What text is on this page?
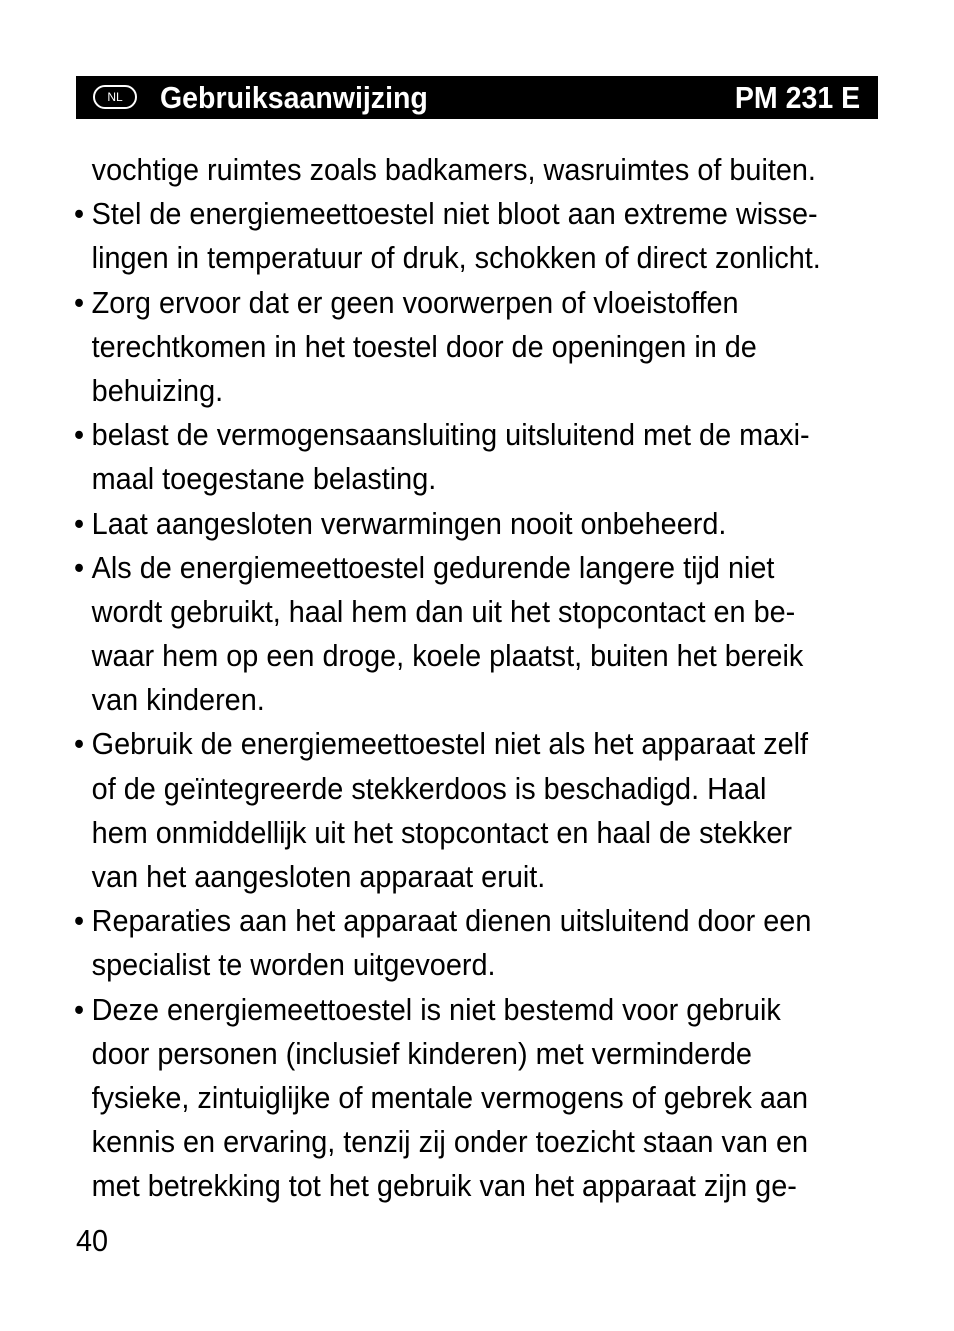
NL	Gebruiksaanwijzing	PM 231 E
vochtige ruimtes zoals badkamers, wasruimtes of buiten.
• Stel de energiemeettoestel niet bloot aan extreme wisse-
lingen in temperatuur of druk, schokken of direct zonlicht.
• Zorg ervoor dat er geen voorwerpen of vloeistoffen
terechtkomen in het toestel door de openingen in de
behuizing.
• belast de vermogensaansluiting uitsluitend met de maxi-
maal toegestane belasting.
• Laat aangesloten verwarmingen nooit onbeheerd.
• Als de energiemeettoestel gedurende langere tijd niet
wordt gebruikt, haal hem dan uit het stopcontact en be-
waar hem op een droge, koele plaatst, buiten het bereik
van kinderen.
• Gebruik de energiemeettoestel niet als het apparaat zelf
of de geïntegreerde stekkerdoos is beschadigd. Haal
hem onmiddellijk uit het stopcontact en haal de stekker
van het aangesloten apparaat eruit.
• Reparaties aan het apparaat dienen uitsluitend door een
specialist te worden uitgevoerd.
• Deze energiemeettoestel is niet bestemd voor gebruik
door personen (inclusief kinderen) met verminderde
fysieke, zintuiglijke of mentale vermogens of gebrek aan
kennis en ervaring, tenzij zij onder toezicht staan van en
met betrekking tot het gebruik van het apparaat zijn ge-
40
